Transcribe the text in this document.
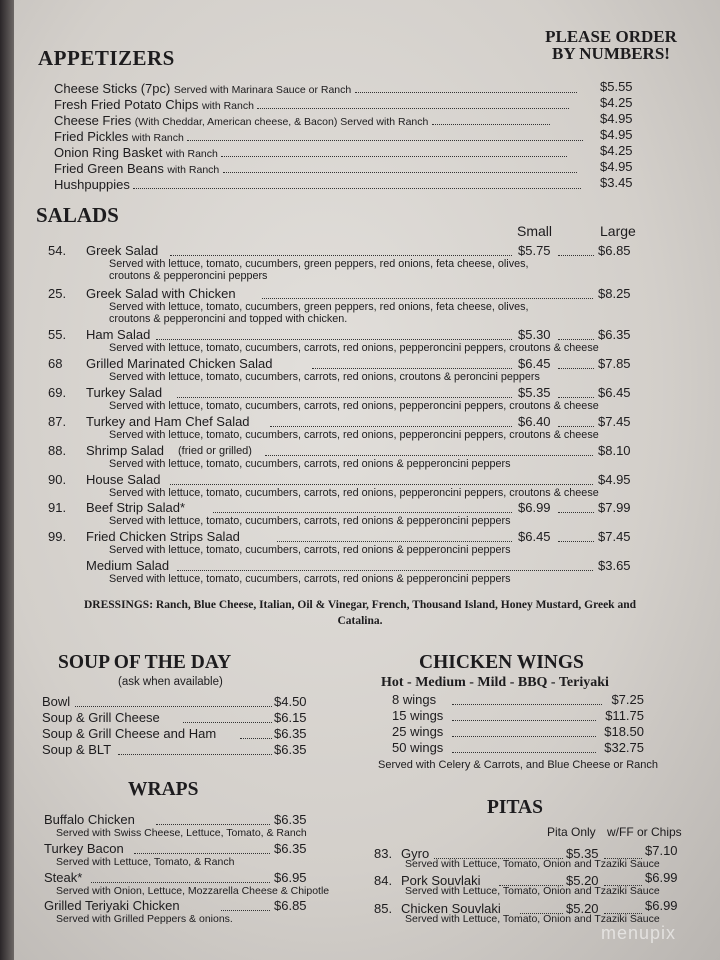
APPETIZERS
PLEASE ORDER
BY NUMBERS!
Cheese Sticks (7pc) Served with Marinara Sauce or Ranch	$5.55
Fresh Fried Potato Chips with Ranch	$4.25
Cheese Fries (With Cheddar, American cheese, & Bacon) Served with Ranch	$4.95
Fried Pickles with Ranch	$4.95
Onion Ring Basket with Ranch	$4.25
Fried Green Beans with Ranch	$4.95
Hushpuppies	$3.45
SALADS
Small	Large
54. Greek Salad	$5.75	$6.85
Served with lettuce, tomato, cucumbers, green peppers, red onions, feta cheese, olives,
croutons & pepperoncini peppers
25. Greek Salad with Chicken	$8.25
Served with lettuce, tomato, cucumbers, green peppers, red onions, feta cheese, olives,
croutons & pepperoncini and topped with chicken.
55. Ham Salad	$5.30	$6.35
Served with lettuce, tomato, cucumbers, carrots, red onions, pepperoncini peppers, croutons & cheese
68 Grilled Marinated Chicken Salad	$6.45	$7.85
Served with lettuce, tomato, cucumbers, carrots, red onions, croutons & peroncini peppers
69. Turkey Salad	$5.35	$6.45
Served with lettuce, tomato, cucumbers, carrots, red onions, pepperoncini peppers, croutons & cheese
87. Turkey and Ham Chef Salad	$6.40	$7.45
Served with lettuce, tomato, cucumbers, carrots, red onions, pepperoncini peppers, croutons & cheese
88. Shrimp Salad (fried or grilled)	$8.10
Served with lettuce, tomato, cucumbers, carrots, red onions & pepperoncini peppers
90. House Salad	$4.95
Served with lettuce, tomato, cucumbers, carrots, red onions, pepperoncini peppers, croutons & cheese
91. Beef Strip Salad*	$6.99	$7.99
Served with lettuce, tomato, cucumbers, carrots, red onions & pepperoncini peppers
99. Fried Chicken Strips Salad	$6.45	$7.45
Served with lettuce, tomato, cucumbers, carrots, red onions & pepperoncini peppers
Medium Salad	$3.65
Served with lettuce, tomato, cucumbers, carrots, red onions & pepperoncini peppers
DRESSINGS: Ranch, Blue Cheese, Italian, Oil & Vinegar, French, Thousand Island, Honey Mustard, Greek and Catalina.
SOUP OF THE DAY
(ask when available)
Bowl	$4.50
Soup & Grill Cheese	$6.15
Soup & Grill Cheese and Ham	$6.35
Soup & BLT	$6.35
WRAPS
Buffalo Chicken	$6.35
Served with Swiss Cheese, Lettuce, Tomato, & Ranch
Turkey Bacon	$6.35
Served with Lettuce, Tomato, & Ranch
Steak*	$6.95
Served with Onion, Lettuce, Mozzarella Cheese & Chipotle
Grilled Teriyaki Chicken	$6.85
Served with Grilled Peppers & onions.
CHICKEN WINGS
Hot - Medium - Mild - BBQ - Teriyaki
8 wings	$7.25
15 wings	$11.75
25 wings	$18.50
50 wings	$32.75
Served with Celery & Carrots, and Blue Cheese or Ranch
PITAS
Pita Only w/FF or Chips
83. Gyro	$5.35	$7.10
Served with Lettuce, Tomato, Onion and Tzaziki Sauce
84. Pork Souvlaki	$5.20	$6.99
Served with Lettuce, Tomato, Onion and Tzaziki Sauce
85. Chicken Souvlaki	$5.20	$6.99
Served with Lettuce, Tomato, Onion and Tzaziki Sauce
menupix
